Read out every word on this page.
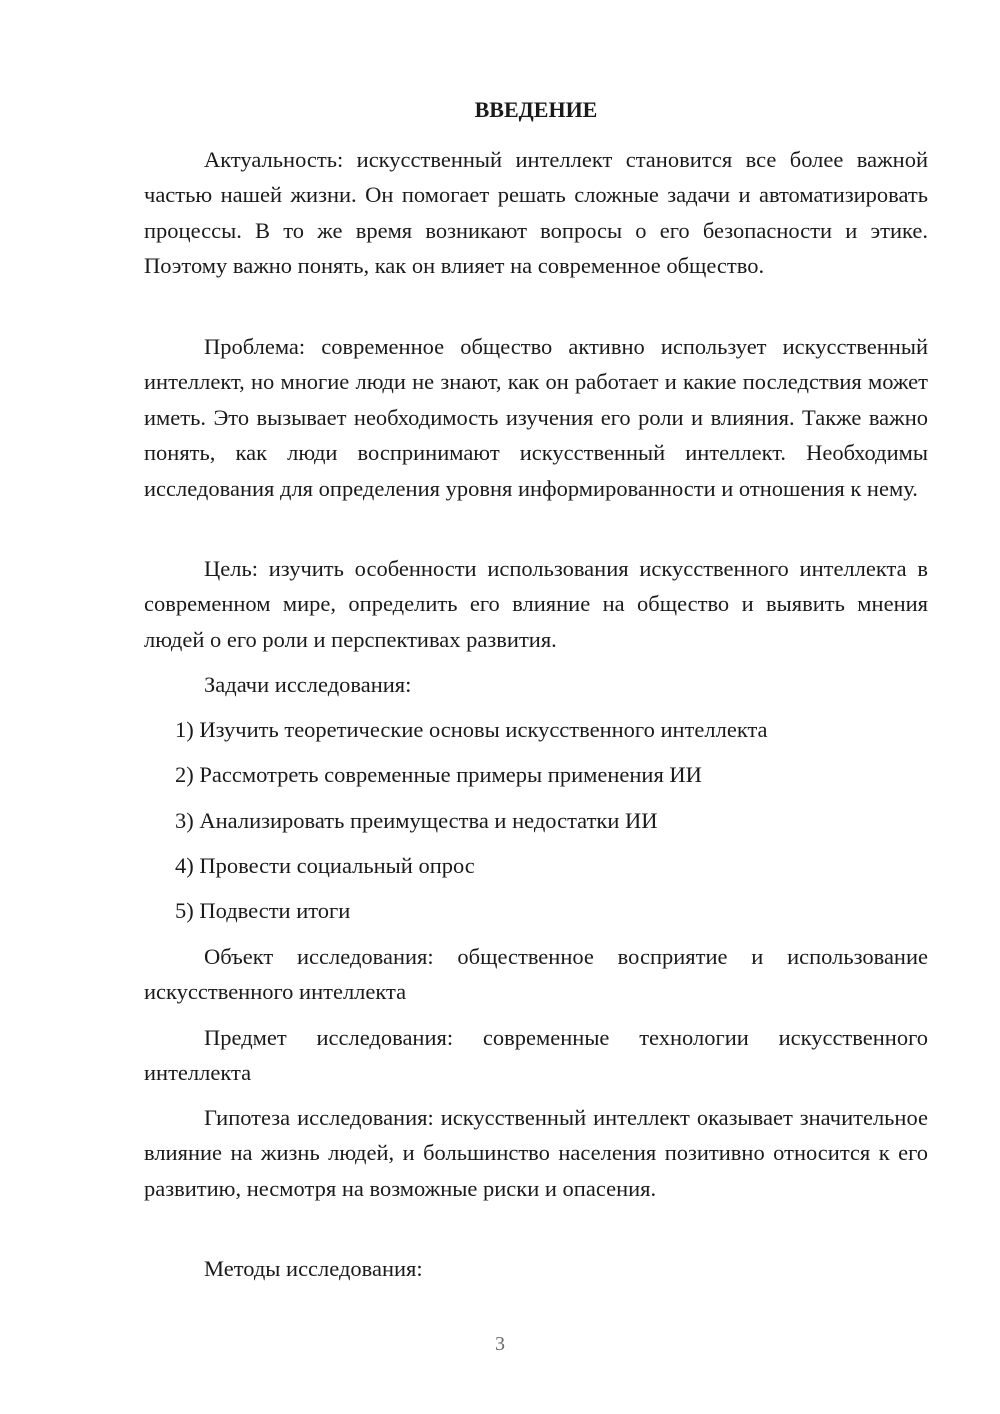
ВВЕДЕНИЕ

Актуальность: искусственный интеллект становится все более важной частью нашей жизни. Он помогает решать сложные задачи и автоматизировать процессы. В то же время возникают вопросы о его безопасности и этике. Поэтому важно понять, как он влияет на современное общество.

Проблема: современное общество активно использует искусственный интеллект, но многие люди не знают, как он работает и какие последствия может иметь. Это вызывает необходимость изучения его роли и влияния. Также важно понять, как люди воспринимают искусственный интеллект. Необходимы исследования для определения уровня информированности и отношения к нему.

Цель: изучить особенности использования искусственного интеллекта в современном мире, определить его влияние на общество и выявить мнения людей о его роли и перспективах развития.

Задачи исследования:

1) Изучить теоретические основы искусственного интеллекта

2) Рассмотреть современные примеры применения ИИ

3) Анализировать преимущества и недостатки ИИ

4) Провести социальный опрос

5) Подвести итоги

Объект исследования: общественное восприятие и использование искусственного интеллекта

Предмет исследования: современные технологии искусственного интеллекта

Гипотеза исследования: искусственный интеллект оказывает значительное влияние на жизнь людей, и большинство населения позитивно относится к его развитию, несмотря на возможные риски и опасения.

Методы исследования:

3
